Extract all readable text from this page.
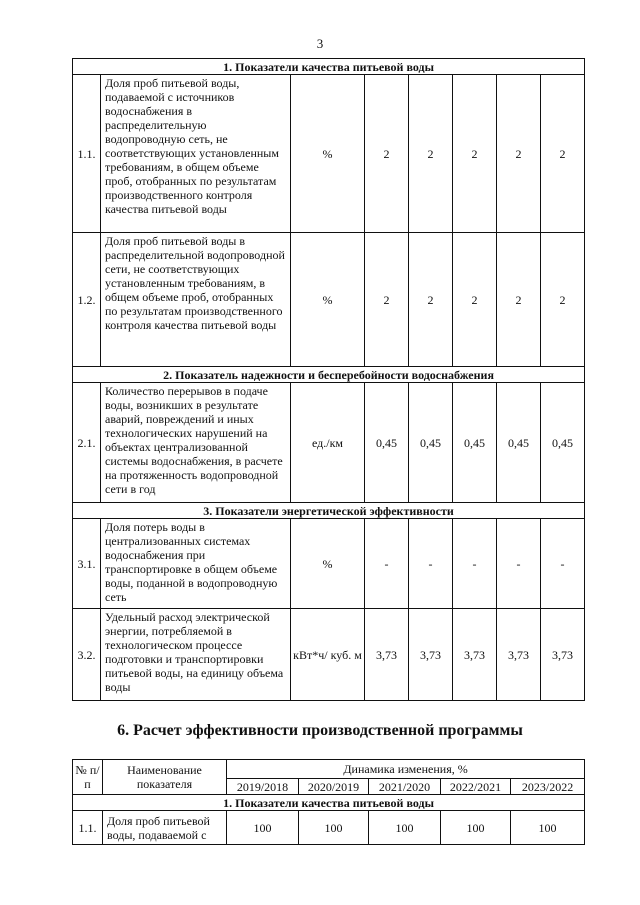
3
1. Показатели качества питьевой воды							
1.1.	Доля проб питьевой воды, подаваемой с источников водоснабжения в распределительную водопроводную сеть, не соответствующих установленным требованиям, в общем объеме проб, отобранных по результатам производственного контроля качества питьевой воды	%	2	2	2	2	2
1.2.	Доля проб питьевой воды в распределительной водопроводной сети, не соответствующих установленным требованиям, в общем объеме проб, отобранных по результатам производственного контроля качества питьевой воды	%	2	2	2	2	2
2. Показатель надежности и бесперебойности водоснабжения							
2.1.	Количество перерывов в подаче воды, возникших в результате аварий, повреждений и иных технологических нарушений на объектах централизованной системы водоснабжения, в расчете на протяженность водопроводной сети в год	ед./км	0,45	0,45	0,45	0,45	0,45
3. Показатели энергетической эффективности							
3.1.	Доля потерь воды в централизованных системах водоснабжения при транспортировке в общем объеме воды, поданной в водопроводную сеть	%	-	-	-	-	-
3.2.	Удельный расход электрической энергии, потребляемой в технологическом процессе подготовки и транспортировки питьевой воды, на единицу объема воды	кВт*ч/ куб. м	3,73	3,73	3,73	3,73	3,73
6. Расчет эффективности производственной программы
№ п/п	Наименование показателя	Динамика изменения, %				
		2019/2018	2020/2019	2021/2020	2022/2021	2023/2022
1. Показатели качества питьевой воды						
1.1.	Доля проб питьевой воды, подаваемой с	100	100	100	100	100
